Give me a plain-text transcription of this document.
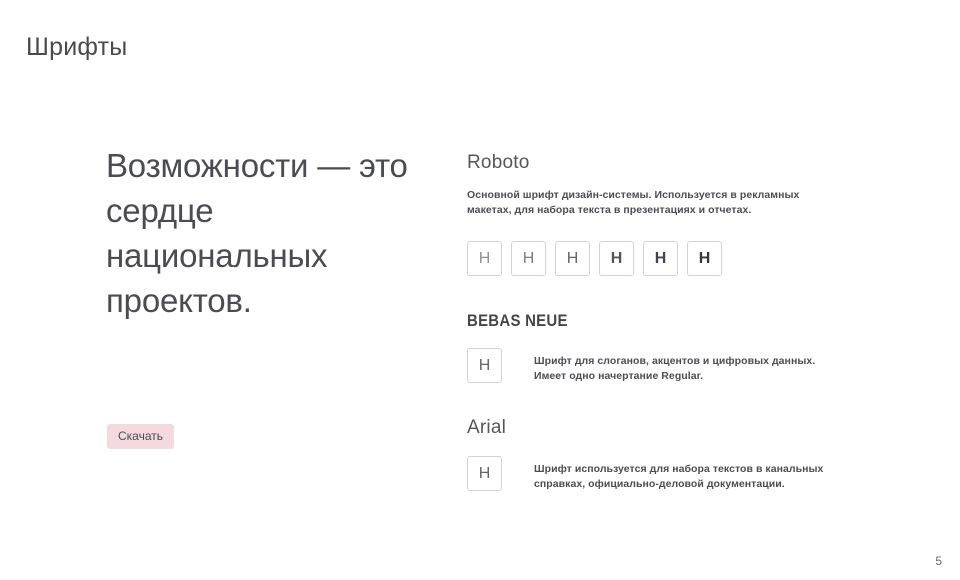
Шрифты
Возможности — это сердце национальных проектов.
Скачать
Roboto
Основной шрифт дизайн-системы. Используется в рекламных макетах, для набора текста в презентациях и отчетах.
Н	Н	Н	Н	Н	Н
BEBAS NEUE
Н	Шрифт для слоганов, акцентов и цифровых данных. Имеет одно начертание Regular.
Arial
Н	Шрифт используется для набора текстов в канальных справках, официально-деловой документации.
5
